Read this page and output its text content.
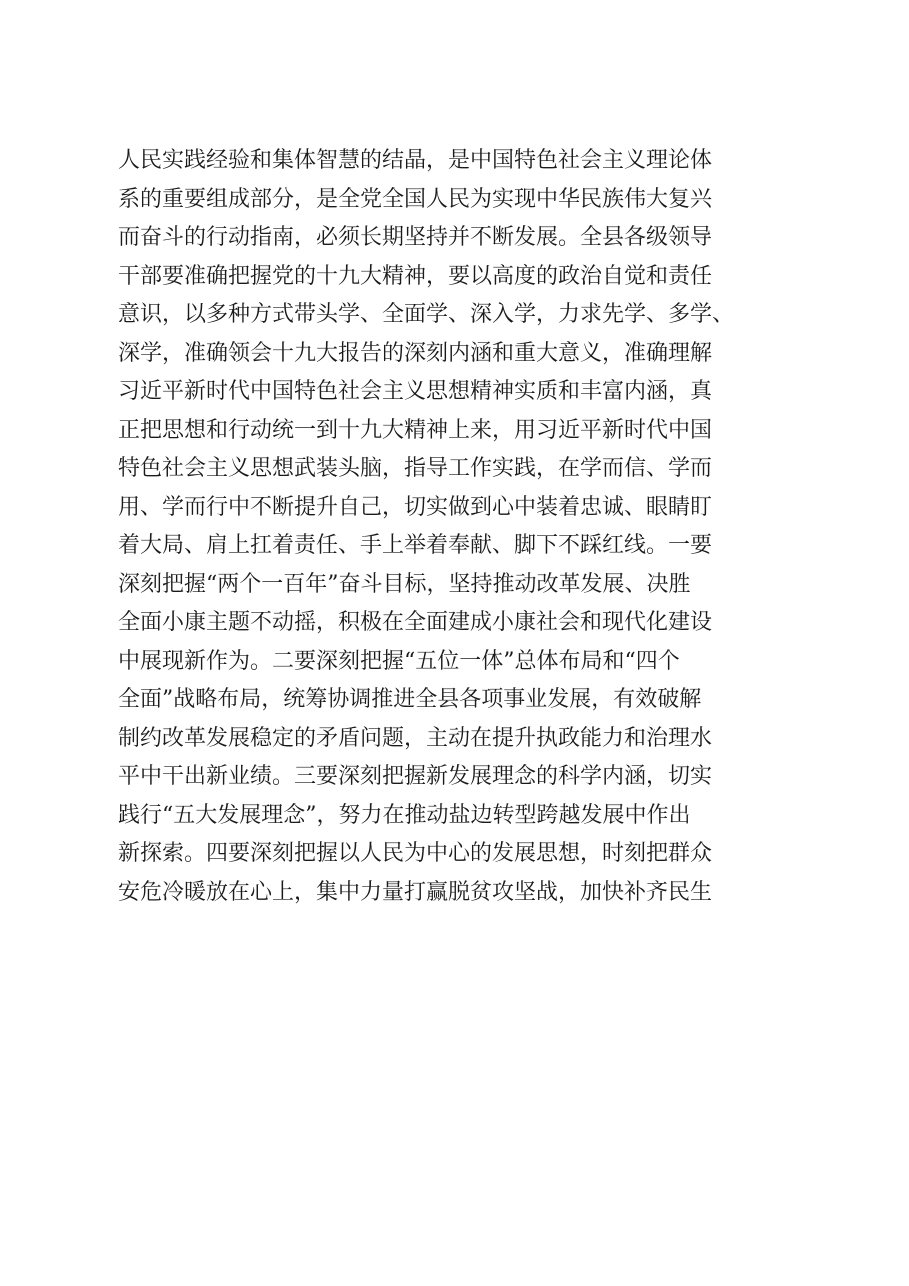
人民实践经验和集体智慧的结晶，是中国特色社会主义理论体
系的重要组成部分，是全党全国人民为实现中华民族伟大复兴
而奋斗的行动指南，必须长期坚持并不断发展。全县各级领导
干部要准确把握党的十九大精神，要以高度的政治自觉和责任
意识，以多种方式带头学、全面学、深入学，力求先学、多学、
深学，准确领会十九大报告的深刻内涵和重大意义，准确理解
习近平新时代中国特色社会主义思想精神实质和丰富内涵，真
正把思想和行动统一到十九大精神上来，用习近平新时代中国
特色社会主义思想武装头脑，指导工作实践，在学而信、学而
用、学而行中不断提升自己，切实做到心中装着忠诚、眼睛盯
着大局、肩上扛着责任、手上举着奉献、脚下不踩红线。一要
深刻把握“两个一百年”奋斗目标，坚持推动改革发展、决胜
全面小康主题不动摇，积极在全面建成小康社会和现代化建设
中展现新作为。二要深刻把握“五位一体”总体布局和“四个
全面”战略布局，统筹协调推进全县各项事业发展，有效破解
制约改革发展稳定的矛盾问题，主动在提升执政能力和治理水
平中干出新业绩。三要深刻把握新发展理念的科学内涵，切实
践行“五大发展理念”，努力在推动盐边转型跨越发展中作出
新探索。四要深刻把握以人民为中心的发展思想，时刻把群众
安危冷暖放在心上，集中力量打赢脱贫攻坚战，加快补齐民生
